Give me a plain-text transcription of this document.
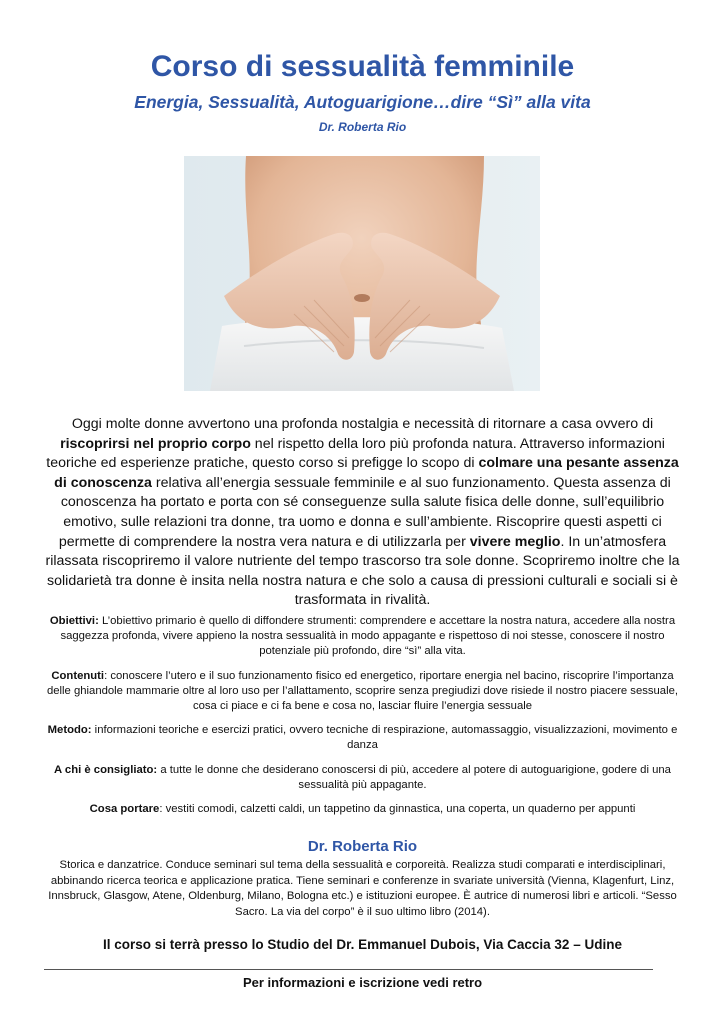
Corso di sessualità femminile
Energia, Sessualità, Autoguarigione…dire “Sì” alla vita
Dr. Roberta Rio
Oggi molte donne avvertono una profonda nostalgia e necessità di ritornare a casa ovvero di riscoprirsi nel proprio corpo nel rispetto della loro più profonda natura. Attraverso informazioni teoriche ed esperienze pratiche, questo corso si prefigge lo scopo di colmare una pesante assenza di conoscenza relativa all’energia sessuale femminile e al suo funzionamento. Questa assenza di conoscenza ha portato e porta con sé conseguenze sulla salute fisica delle donne, sull’equilibrio emotivo, sulle relazioni tra donne, tra uomo e donna e sull’ambiente. Riscoprire questi aspetti ci permette di comprendere la nostra vera natura e di utilizzarla per vivere meglio. In un’atmosfera rilassata riscopriremo il valore nutriente del tempo trascorso tra sole donne. Scopriremo inoltre che la solidarietà tra donne è insita nella nostra natura e che solo a causa di pressioni culturali e sociali si è trasformata in rivalità.

Obiettivi: L’obiettivo primario è quello di diffondere strumenti: comprendere e accettare la nostra natura, accedere alla nostra saggezza profonda, vivere appieno la nostra sessualità in modo appagante e rispettoso di noi stesse, conoscere il nostro potenziale più profondo, dire “sì” alla vita.

Contenuti: conoscere l’utero e il suo funzionamento fisico ed energetico, riportare energia nel bacino, riscoprire l’importanza delle ghiandole mammarie oltre al loro uso per l’allattamento, scoprire senza pregiudizi dove risiede il nostro piacere sessuale, cosa ci piace e ci fa bene e cosa no, lasciar fluire l’energia sessuale

Metodo: informazioni teoriche e esercizi pratici, ovvero tecniche di respirazione, automassaggio, visualizzazioni, movimento e danza

A chi è consigliato: a tutte le donne che desiderano conoscersi di più, accedere al potere di autoguarigione, godere di una sessualità più appagante.

Cosa portare: vestiti comodi, calzetti caldi, un tappetino da ginnastica, una coperta, un quaderno per appunti

Dr. Roberta Rio
Storica e danzatrice. Conduce seminari sul tema della sessualità e corporeità. Realizza studi comparati e interdisciplinari, abbinando ricerca teorica e applicazione pratica. Tiene seminari e conferenze in svariate università (Vienna, Klagenfurt, Linz, Innsbruck, Glasgow, Atene, Oldenburg, Milano, Bologna etc.) e istituzioni europee. È autrice di numerosi libri e articoli. “Sesso Sacro. La via del corpo” è il suo ultimo libro (2014).
Il corso si terrà presso lo Studio del Dr. Emmanuel Dubois, Via Caccia 32 – Udine
Per informazioni e iscrizione vedi retro
